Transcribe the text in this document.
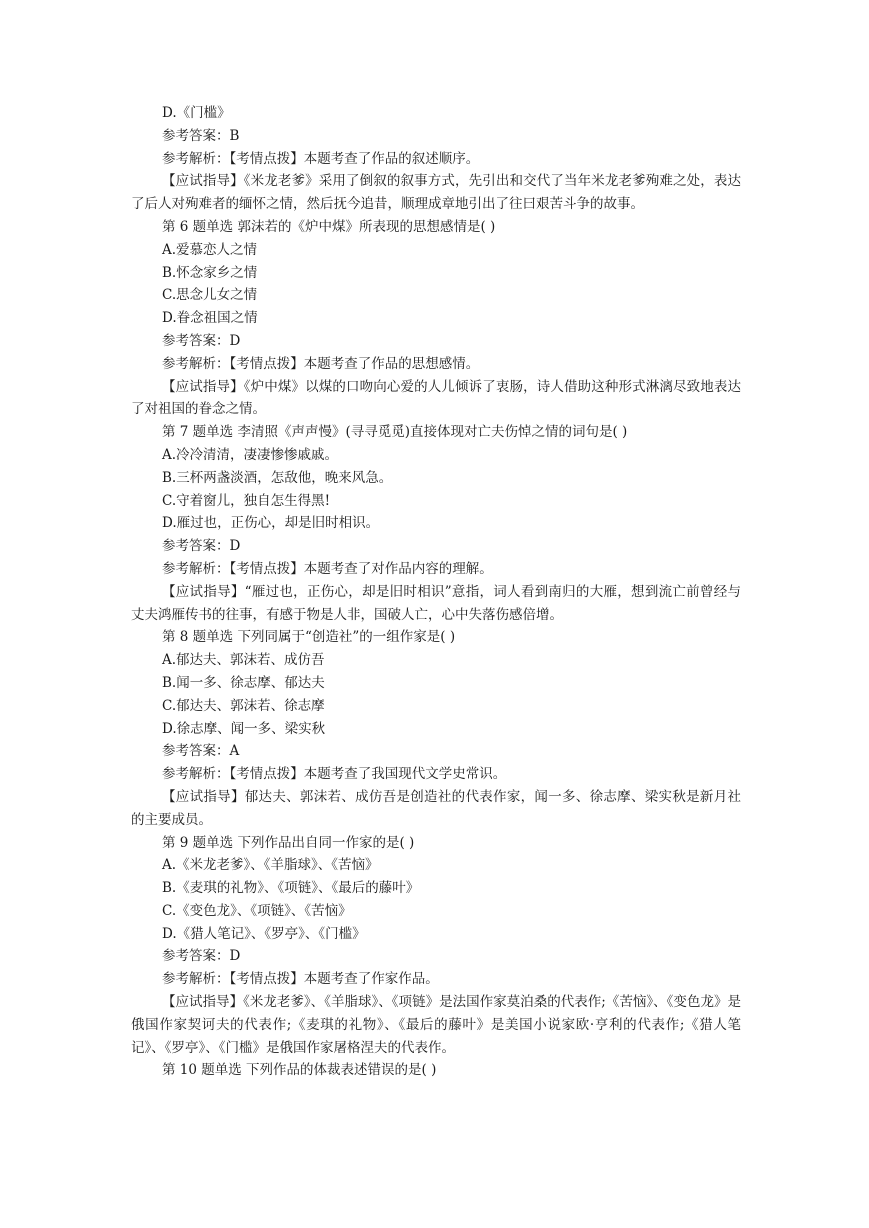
D.《门槛》
参考答案：B
参考解析：【考情点拨】本题考查了作品的叙述顺序。

【应试指导】《米龙老爹》采用了倒叙的叙事方式，先引出和交代了当年米龙老爹殉难之处，表达了后人对殉难者的缅怀之情，然后抚今追昔，顺理成章地引出了往曰艰苦斗争的故事。

第 6 题单选 郭沫若的《炉中煤》所表现的思想感情是( )
A.爱慕恋人之情
B.怀念家乡之情
C.思念儿女之情
D.眷念祖国之情
参考答案：D
参考解析：【考情点拨】本题考查了作品的思想感情。

【应试指导】《炉中煤》以煤的口吻向心爱的人儿倾诉了衷肠，诗人借助这种形式淋漓尽致地表达了对祖国的眷念之情。

第 7 题单选 李清照《声声慢》(寻寻觅觅)直接体现对亡夫伤悼之情的词句是( )
A.冷冷清清，凄凄惨惨戚戚。
B.三杯两盏淡酒，怎敌他，晚来风急。
C.守着窗儿，独自怎生得黑!
D.雁过也，正伤心，却是旧时相识。
参考答案：D
参考解析：【考情点拨】本题考查了对作品内容的理解。

【应试指导】“雁过也，正伤心，却是旧时相识”意指，词人看到南归的大雁，想到流亡前曾经与丈夫鸿雁传书的往事，有感于物是人非，国破人亡，心中失落伤感倍增。

第 8 题单选 下列同属于“创造社”的一组作家是( )
A.郁达夫、郭沫若、成仿吾
B.闻一多、徐志摩、郁达夫
C.郁达夫、郭沫若、徐志摩
D.徐志摩、闻一多、梁实秋
参考答案：A
参考解析：【考情点拨】本题考查了我国现代文学史常识。

【应试指导】郁达夫、郭沫若、成仿吾是创造社的代表作家，闻一多、徐志摩、梁实秋是新月社的主要成员。

第 9 题单选 下列作品出自同一作家的是( )
A.《米龙老爹》、《羊脂球》、《苦恼》
B.《麦琪的礼物》、《项链》、《最后的藤叶》
C.《变色龙》、《项链》、《苦恼》
D.《猎人笔记》、《罗亭》、《门槛》
参考答案：D
参考解析：【考情点拨】本题考查了作家作品。

【应试指导】《米龙老爹》、《羊脂球》、《项链》是法国作家莫泊桑的代表作;《苦恼》、《变色龙》是俄国作家契诃夫的代表作;《麦琪的礼物》、《最后的藤叶》是美国小说家欧·亨利的代表作;《猎人笔记》、《罗亭》、《门槛》是俄国作家屠格涅夫的代表作。

第 10 题单选 下列作品的体裁表述错误的是( )
